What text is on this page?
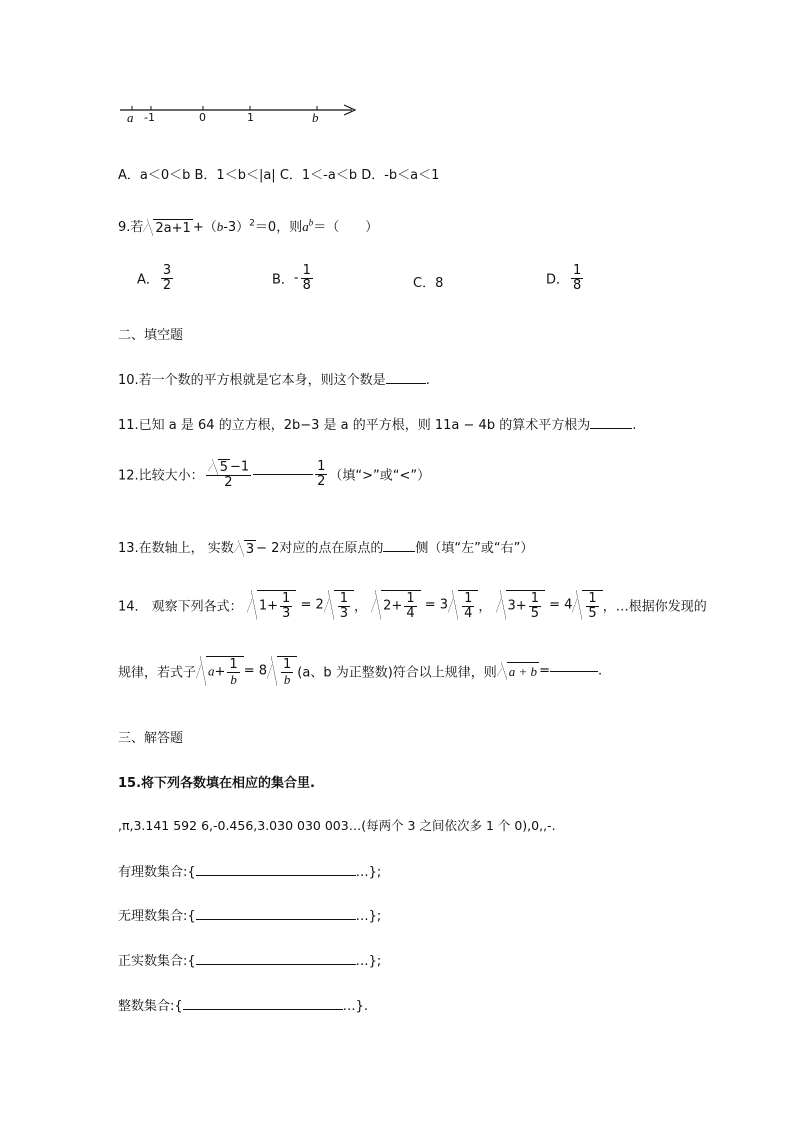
a -1	0	1	b
A．a＜0＜b B．1＜b＜|a| C．1＜-a＜b D．-b＜a＜1
9.若 $2a+1 +(b-3)^2=0$，则$a^b=$（　　）
A． $\frac{3}{2}$	B．- $\frac{1}{8}$	C．8	D． $\frac{1}{8}$
二、填空题
10.若一个数的平方根就是它本身，则这个数是	.
11.已知 a 是 64 的立方根，2b−3 是 a 的平方根，则 11a − 4b 的算术平方根为	.
12.比较大小： $\frac{5 -1}{2}$	$\frac{1}{2}$ （填“>”或“<”）
13.在数轴上， 实数 3 − 2对应的点在原点的 侧（填“左”或“右”）
14． 观察下列各式： $1+ \frac{1}{3} = 2 \frac{1}{3}$ ， $2+ \frac{1}{4} = 3 \frac{1}{4}$ ， $3+ \frac{1}{5} = 4 \frac{1}{5}$ ，…根据你发现的
规律，若式子 $a+ \frac{1}{b} = 8 \frac{1}{b} (a$、b 为正整数)符合以上规律，则 a + b =	.
三、解答题
15.将下列各数填在相应的集合里.
,π,3.141 592 6,-0.456,3.030 030 003…(每两个 3 之间依次多 1 个 0),0,,-.
有理数集合:{	…};
无理数集合:{	…};
正实数集合:{	…};
整数集合:{	…}.
